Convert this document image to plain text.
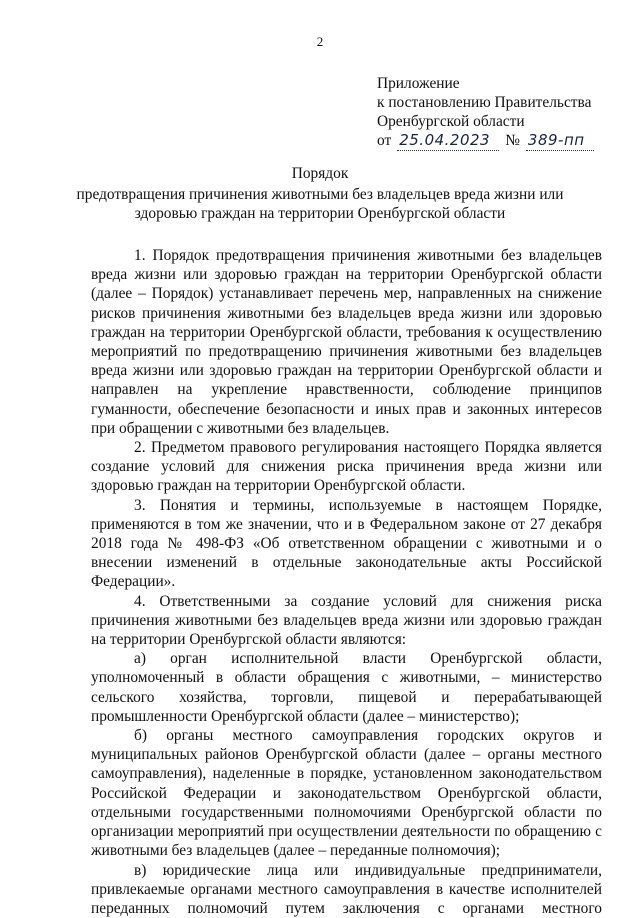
2
Приложение
к постановлению Правительства
Оренбургской области
от 25.04.2023 № 389-пп
Порядок
предотвращения причинения животными без владельцев вреда жизни или
здоровью граждан на территории Оренбургской области

1. Порядок предотвращения причинения животными без владельцев вреда жизни или здоровью граждан на территории Оренбургской области (далее – Порядок) устанавливает перечень мер, направленных на снижение рисков причинения животными без владельцев вреда жизни или здоровью граждан на территории Оренбургской области, требования к осуществлению мероприятий по предотвращению причинения животными без владельцев вреда жизни или здоровью граждан на территории Оренбургской области и направлен на укрепление нравственности, соблюдение принципов гуманности, обеспечение безопасности и иных прав и законных интересов при обращении с животными без владельцев.

2. Предметом правового регулирования настоящего Порядка является создание условий для снижения риска причинения вреда жизни или здоровью граждан на территории Оренбургской области.

3. Понятия и термины, используемые в настоящем Порядке, применяются в том же значении, что и в Федеральном законе от 27 декабря 2018 года № 498-ФЗ «Об ответственном обращении с животными и о внесении изменений в отдельные законодательные акты Российской Федерации».

4. Ответственными за создание условий для снижения риска причинения животными без владельцев вреда жизни или здоровью граждан на территории Оренбургской области являются:

а) орган исполнительной власти Оренбургской области, уполномоченный в области обращения с животными, – министерство сельского хозяйства, торговли, пищевой и перерабатывающей промышленности Оренбургской области (далее – министерство);

б) органы местного самоуправления городских округов и муниципальных районов Оренбургской области (далее – органы местного самоуправления), наделенные в порядке, установленном законодательством Российской Федерации и законодательством Оренбургской области, отдельными государственными полномочиями Оренбургской области по организации мероприятий при осуществлении деятельности по обращению с животными без владельцев (далее – переданные полномочия);

в) юридические лица или индивидуальные предприниматели, привлекаемые органами местного самоуправления в качестве исполнителей переданных полномочий путем заключения с органами местного
